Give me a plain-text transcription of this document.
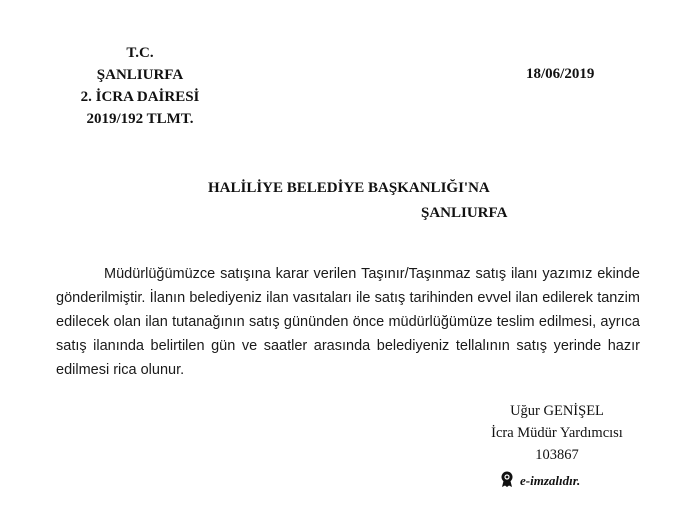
T.C.
ŞANLIURFA
2. İCRA DAİRESİ
2019/192 TLMT.
18/06/2019
HALİLİYE BELEDİYE BAŞKANLIĞI'NA
ŞANLIURFA
Müdürlüğümüzce satışına karar verilen Taşınır/Taşınmaz satış ilanı yazımız ekinde
gönderilmiştir. İlanın belediyeniz ilan vasıtaları ile satış tarihinden evvel ilan edilerek tanzim
edilecek olan ilan tutanağının satış gününden önce müdürlüğümüze teslim edilmesi, ayrıca
satış ilanında belirtilen gün ve saatler arasında belediyeniz tellalının satış yerinde hazır
edilmesi rica olunur.
Uğur GENİŞEL
İcra Müdür Yardımcısı
103867
e-imzalıdır.
